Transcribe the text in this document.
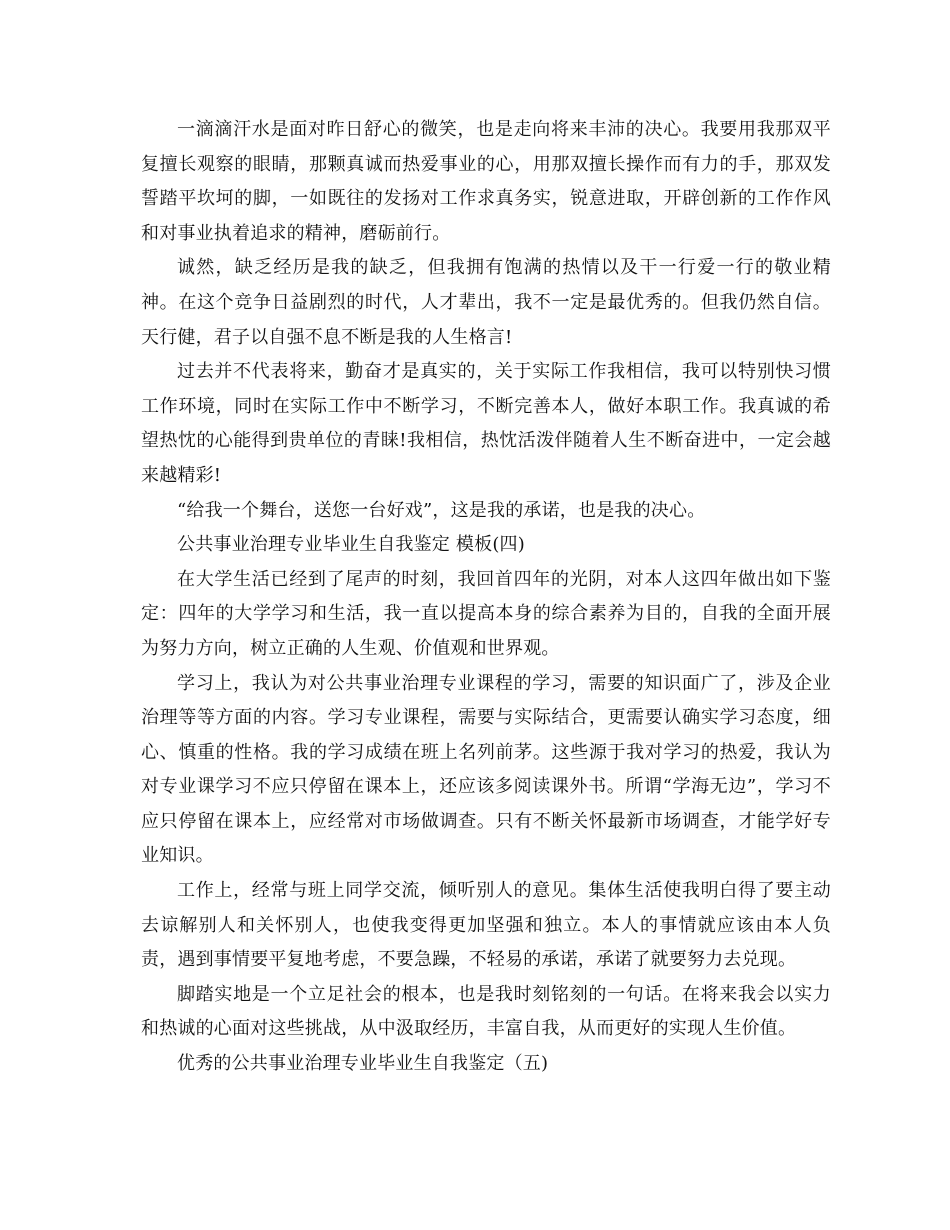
一滴滴汗水是面对昨日舒心的微笑，也是走向将来丰沛的决心。我要用我那双平复擅长观察的眼睛，那颗真诚而热爱事业的心，用那双擅长操作而有力的手，那双发誓踏平坎坷的脚，一如既往的发扬对工作求真务实，锐意进取，开辟创新的工作作风和对事业执着追求的精神，磨砺前行。

诚然，缺乏经历是我的缺乏，但我拥有饱满的热情以及干一行爱一行的敬业精神。在这个竞争日益剧烈的时代，人才辈出，我不一定是最优秀的。但我仍然自信。天行健，君子以自强不息不断是我的人生格言!

过去并不代表将来，勤奋才是真实的，关于实际工作我相信，我可以特别快习惯工作环境，同时在实际工作中不断学习，不断完善本人，做好本职工作。我真诚的希望热忱的心能得到贵单位的青睐!我相信，热忱活泼伴随着人生不断奋进中，一定会越来越精彩!

“给我一个舞台，送您一台好戏”，这是我的承诺，也是我的决心。

公共事业治理专业毕业生自我鉴定 模板(四)

在大学生活已经到了尾声的时刻，我回首四年的光阴，对本人这四年做出如下鉴定：四年的大学学习和生活，我一直以提高本身的综合素养为目的，自我的全面开展为努力方向，树立正确的人生观、价值观和世界观。

学习上，我认为对公共事业治理专业课程的学习，需要的知识面广了，涉及企业治理等等方面的内容。学习专业课程，需要与实际结合，更需要认确实学习态度，细心、慎重的性格。我的学习成绩在班上名列前茅。这些源于我对学习的热爱，我认为对专业课学习不应只停留在课本上，还应该多阅读课外书。所谓“学海无边”，学习不应只停留在课本上，应经常对市场做调查。只有不断关怀最新市场调查，才能学好专业知识。

工作上，经常与班上同学交流，倾听别人的意见。集体生活使我明白得了要主动去谅解别人和关怀别人，也使我变得更加坚强和独立。本人的事情就应该由本人负责，遇到事情要平复地考虑，不要急躁，不轻易的承诺，承诺了就要努力去兑现。

脚踏实地是一个立足社会的根本，也是我时刻铭刻的一句话。在将来我会以实力和热诚的心面对这些挑战，从中汲取经历，丰富自我，从而更好的实现人生价值。

优秀的公共事业治理专业毕业生自我鉴定（五)
